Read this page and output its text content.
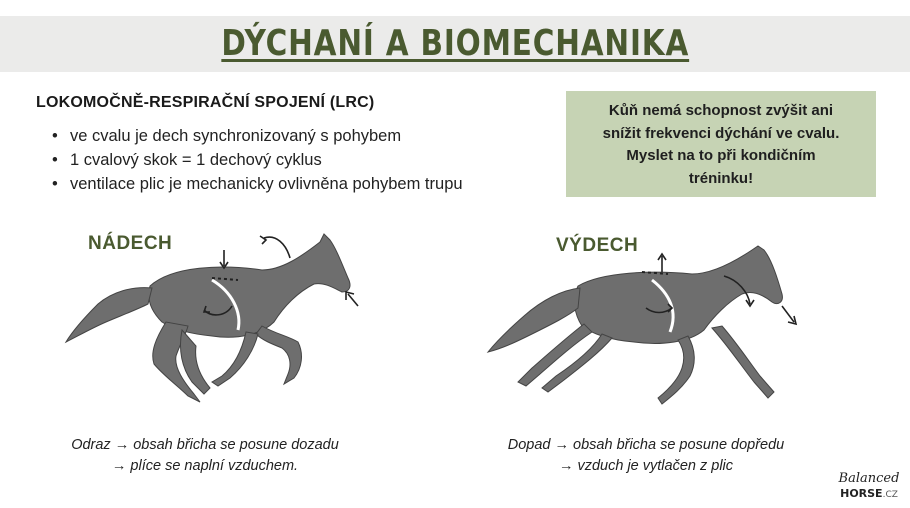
DÝCHANÍ A BIOMECHANIKA
LOKOMOČNĚ-RESPIRAČNÍ SPOJENÍ (LRC)
• ve cvalu je dech synchronizovaný s pohybem
• 1 cvalový skok = 1 dechový cyklus
• ventilace plic je mechanicky ovlivněna pohybem trupu
Kůň nemá schopnost zvýšit ani
snížit frekvenci dýchání ve cvalu.
Myslet na to při kondičním
tréninku!
NÁDECH	VÝDECH
Odraz → obsah břicha se posune dozadu
→ plíce se naplní vzduchem.
Dopad → obsah břicha se posune dopředu
→ vzduch je vytlačen z plic
Balanced
HORSE.CZ
